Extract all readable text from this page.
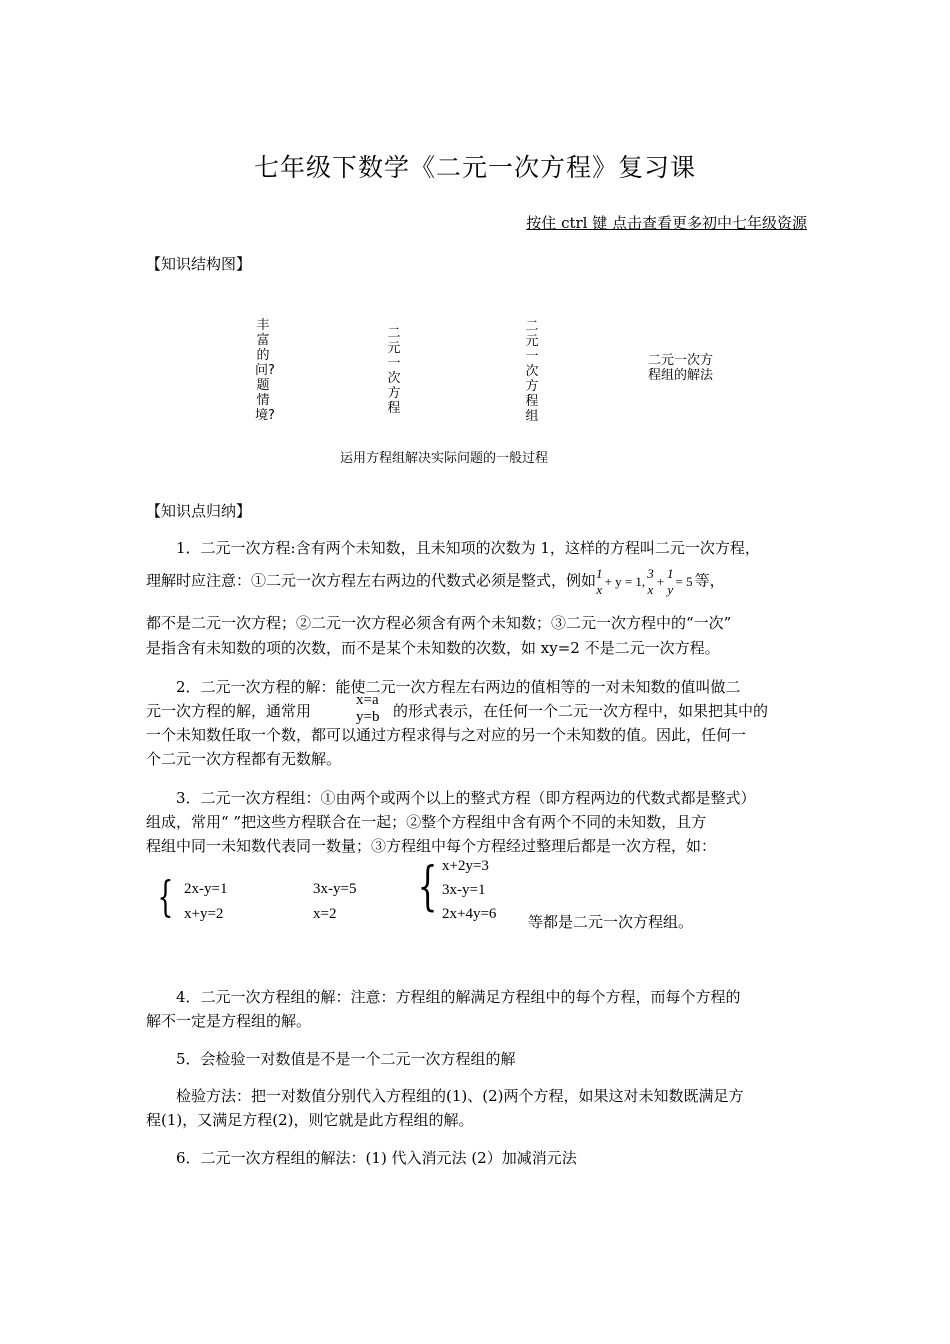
七年级下数学《二元一次方程》复习课
按住 ctrl 键 点击查看更多初中七年级资源
【知识结构图】
丰富的问?题情境?
二元一次方程
二元一次方程组
二元一次方
程组的解法
运用方程组解决实际问题的一般过程
【知识点归纳】
1．二元一次方程:含有两个未知数，且未知项的次数为 1，这样的方程叫二元一次方程，
理解时应注意：①二元一次方程左右两边的代数式必须是整式，例如 1
x
+ y = 1, 3
x
+ 1
y
= 5 等，
都不是二元一次方程；②二元一次方程必须含有两个未知数；③二元一次方程中的“一次”
是指含有未知数的项的次数，而不是某个未知数的次数，如 xy=2 不是二元一次方程。
2．二元一次方程的解：能使二元一次方程左右两边的值相等的一对未知数的值叫做二
元一次方程的解，通常用
x=a
y=b 的形式表示，在任何一个二元一次方程中，如果把其中的
一个未知数任取一个数，都可以通过方程求得与之对应的另一个未知数的值。因此，任何一
个二元一次方程都有无数解。
3．二元一次方程组：①由两个或两个以上的整式方程（即方程两边的代数式都是整式）
组成，常用“ ”把这些方程联合在一起；②整个方程组中含有两个不同的未知数，且方
程组中同一未知数代表同一数量；③方程组中每个方程经过整理后都是一次方程，如：
{ 2x-y=1
x+y=2
3x-y=5
x=2 { x+2y=3
3x-y=1
2x+4y=6 等都是二元一次方程组。
4．二元一次方程组的解：注意：方程组的解满足方程组中的每个方程，而每个方程的
解不一定是方程组的解。
5．会检验一对数值是不是一个二元一次方程组的解
检验方法：把一对数值分别代入方程组的(1)、(2)两个方程，如果这对未知数既满足方
程(1)，又满足方程(2)，则它就是此方程组的解。
6．二元一次方程组的解法：(1) 代入消元法 (2）加减消元法
